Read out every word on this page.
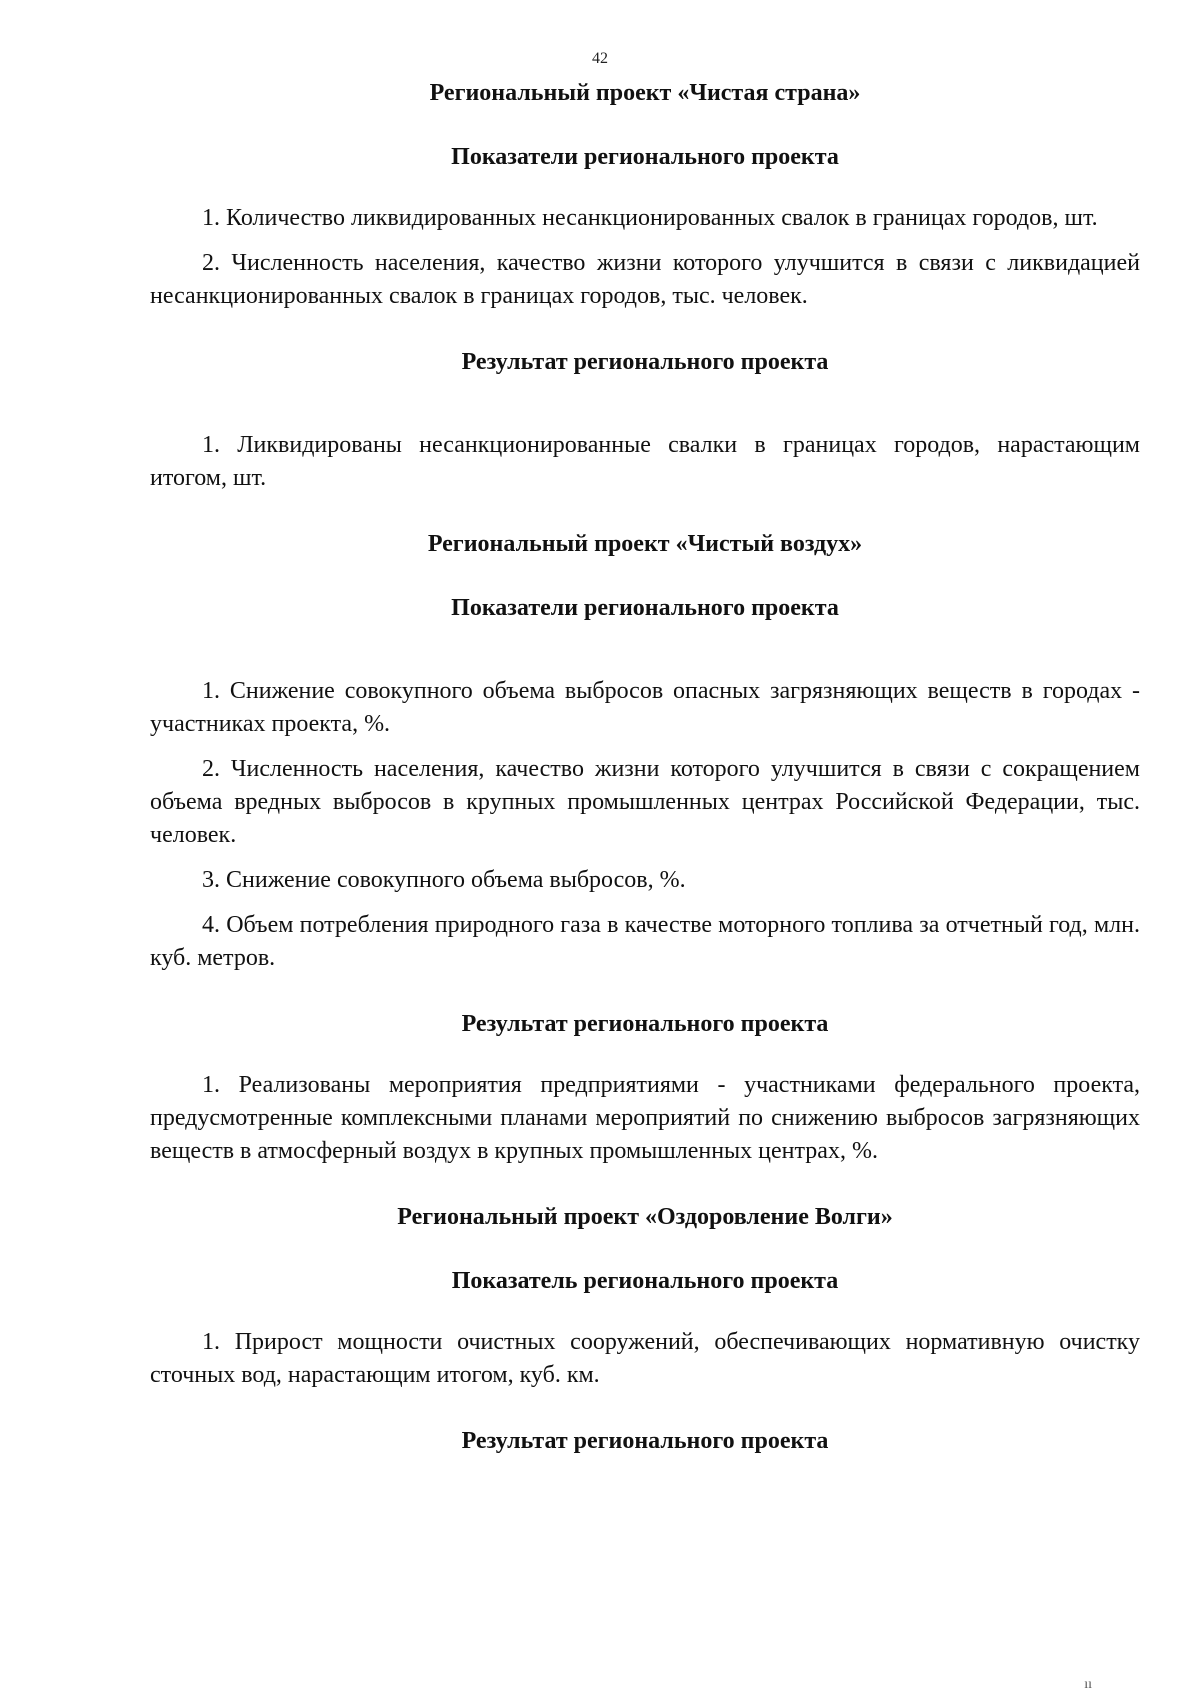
42
Региональный проект «Чистая страна»
Показатели регионального проекта

1. Количество ликвидированных несанкционированных свалок в границах городов, шт.

2. Численность населения, качество жизни которого улучшится в связи с ликвидацией несанкционированных свалок в границах городов, тыс. человек.

Результат регионального проекта

1. Ликвидированы несанкционированные свалки в границах городов, нарастающим итогом, шт.

Региональный проект «Чистый воздух»
Показатели регионального проекта

1. Снижение совокупного объема выбросов опасных загрязняющих веществ в городах - участниках проекта, %.

2. Численность населения, качество жизни которого улучшится в связи с сокращением объема вредных выбросов в крупных промышленных центрах Российской Федерации, тыс. человек.

3. Снижение совокупного объема выбросов, %.

4. Объем потребления природного газа в качестве моторного топлива за отчетный год, млн. куб. метров.

Результат регионального проекта

1. Реализованы мероприятия предприятиями - участниками федерального проекта, предусмотренные комплексными планами мероприятий по снижению выбросов загрязняющих веществ в атмосферный воздух в крупных промышленных центрах, %.

Региональный проект «Оздоровление Волги»
Показатель регионального проекта

1. Прирост мощности очистных сооружений, обеспечивающих нормативную очистку сточных вод, нарастающим итогом, куб. км.

Результат регионального проекта
ıı
